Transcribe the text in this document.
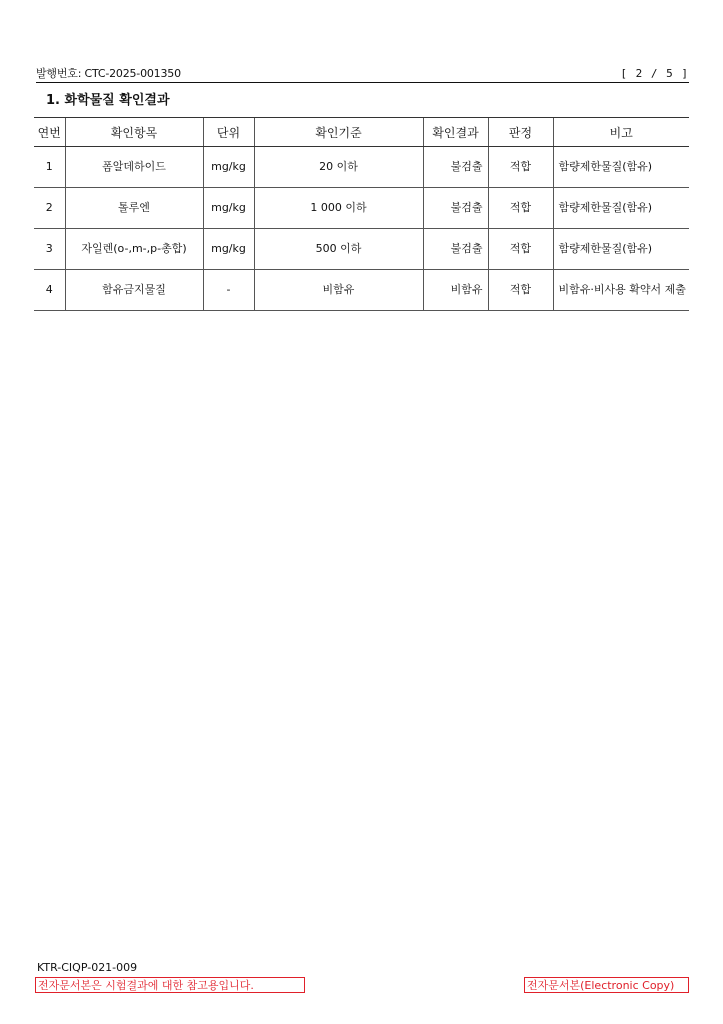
발행번호: CTC-2025-001350	[ 2 / 5 ]
1. 화학물질 확인결과
연번	확인항목	단위	확인기준	확인결과	판정	비고
1	폼알데하이드	mg/kg	20 이하	불검출	적합	함량제한물질(함유)
2	톨루엔	mg/kg	1 000 이하	불검출	적합	함량제한물질(함유)
3	자일렌(o-,m-,p-총합)	mg/kg	500 이하	불검출	적합	함량제한물질(함유)
4	함유금지물질	-	비함유	비함유	적합	비함유·비사용 확약서 제출
KTR-CIQP-021-009
전자문서본은 시험결과에 대한 참고용입니다.	전자문서본(Electronic Copy)
